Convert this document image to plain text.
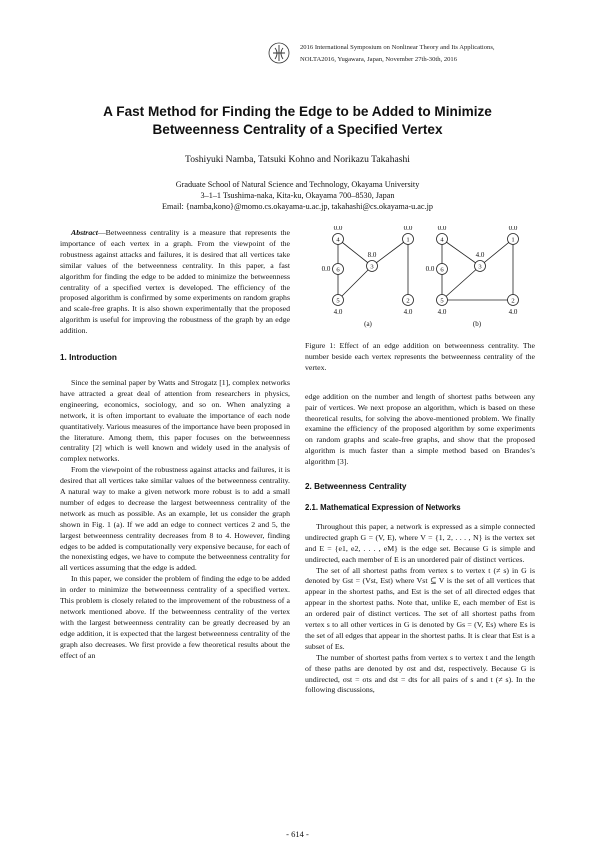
2016 International Symposium on Nonlinear Theory and Its Applications,
NOLTA2016, Yugawara, Japan, November 27th-30th, 2016
A Fast Method for Finding the Edge to be Added to Minimize
Betweenness Centrality of a Specified Vertex
Toshiyuki Namba, Tatsuki Kohno and Norikazu Takahashi
Graduate School of Natural Science and Technology, Okayama University
3–1–1 Tsushima-naka, Kita-ku, Okayama 700–8530, Japan
Email: {namba,kono}@momo.cs.okayama-u.ac.jp, takahashi@cs.okayama-u.ac.jp

Abstract—Betweenness centrality is a measure that represents the importance of each vertex in a graph. From the viewpoint of the robustness against attacks and failures, it is desired that all vertices take similar values of the betweenness centrality. In this paper, a fast algorithm for finding the edge to be added to minimize the betweenness centrality of a specified vertex is developed. The efficiency of the proposed algorithm is confirmed by some experiments on random graphs and scale-free graphs. It is also shown experimentally that the proposed algorithm is useful for improving the robustness of the graph by an edge addition.

1. Introduction

Since the seminal paper by Watts and Strogatz [1], complex networks have attracted a great deal of attention from researchers in physics, engineering, economics, sociology, and so on. When analyzing a network, it is often important to evaluate the importance of each node quantitatively. Various measures of the importance have been proposed in the literature. Among them, this paper focuses on the betweenness centrality [2] which is well known and widely used in the analysis of complex networks.

From the viewpoint of the robustness against attacks and failures, it is desired that all vertices take similar values of the betweenness centrality. A natural way to make a given network more robust is to add a small number of edges to decrease the largest betweenness centrality of the network as much as possible. As an example, let us consider the graph shown in Fig. 1 (a). If we add an edge to connect vertices 2 and 5, the largest betweenness centrality decreases from 8 to 4. However, finding edges to be added is computationally very expensive because, for each of the nonexisting edges, we have to compute the betweenness centrality for all vertices assuming that the edge is added.

In this paper, we consider the problem of finding the edge to be added in order to minimize the betweenness centrality of a specified vertex. This problem is closely related to the improvement of the robustness of a network mentioned above. If the betweenness centrality of the vertex with the largest betweenness centrality can be greatly decreased by an edge addition, it is expected that the largest betweenness centrality of the graph also decreases. We first provide a few theoretical results about the effect of an

4	1
6	3
5	2
0.0	0.0
0.0
8.0
4.0	4.0
(a)
4	1
6	3
5	2
0.0	0.0
0.0
4.0
4.0	4.0
(b)

Figure 1: Effect of an edge addition on betweenness centrality. The number beside each vertex represents the betweenness centrality of the vertex.

edge addition on the number and length of shortest paths between any pair of vertices. We next propose an algorithm, which is based on these theoretical results, for solving the above-mentioned problem. We finally examine the efficiency of the proposed algorithm by some experiments on random graphs and scale-free graphs, and show that the proposed algorithm is much faster than a simple method based on Brandes’s algorithm [3].

2. Betweenness Centrality
2.1. Mathematical Expression of Networks

Throughout this paper, a network is expressed as a simple connected undirected graph G = (V, E), where V = {1, 2, . . . , N} is the vertex set and E = {e1, e2, . . . , eM} is the edge set. Because G is simple and undirected, each member of E is an unordered pair of distinct vertices.

The set of all shortest paths from vertex s to vertex t (≠ s) in G is denoted by Gst = (Vst, Est) where Vst ⊆ V is the set of all vertices that appear in the shortest paths, and Est is the set of all directed edges that appear in the shortest paths. Note that, unlike E, each member of Est is an ordered pair of distinct vertices. The set of all shortest paths from vertex s to all other vertices in G is denoted by Gs = (V, Es) where Es is the set of all edges that appear in the shortest paths. It is clear that Est is a subset of Es.

The number of shortest paths from vertex s to vertex t and the length of these paths are denoted by σst and dst, respectively. Because G is undirected, σst = σts and dst = dts for all pairs of s and t (≠ s). In the following discussions,

- 614 -
